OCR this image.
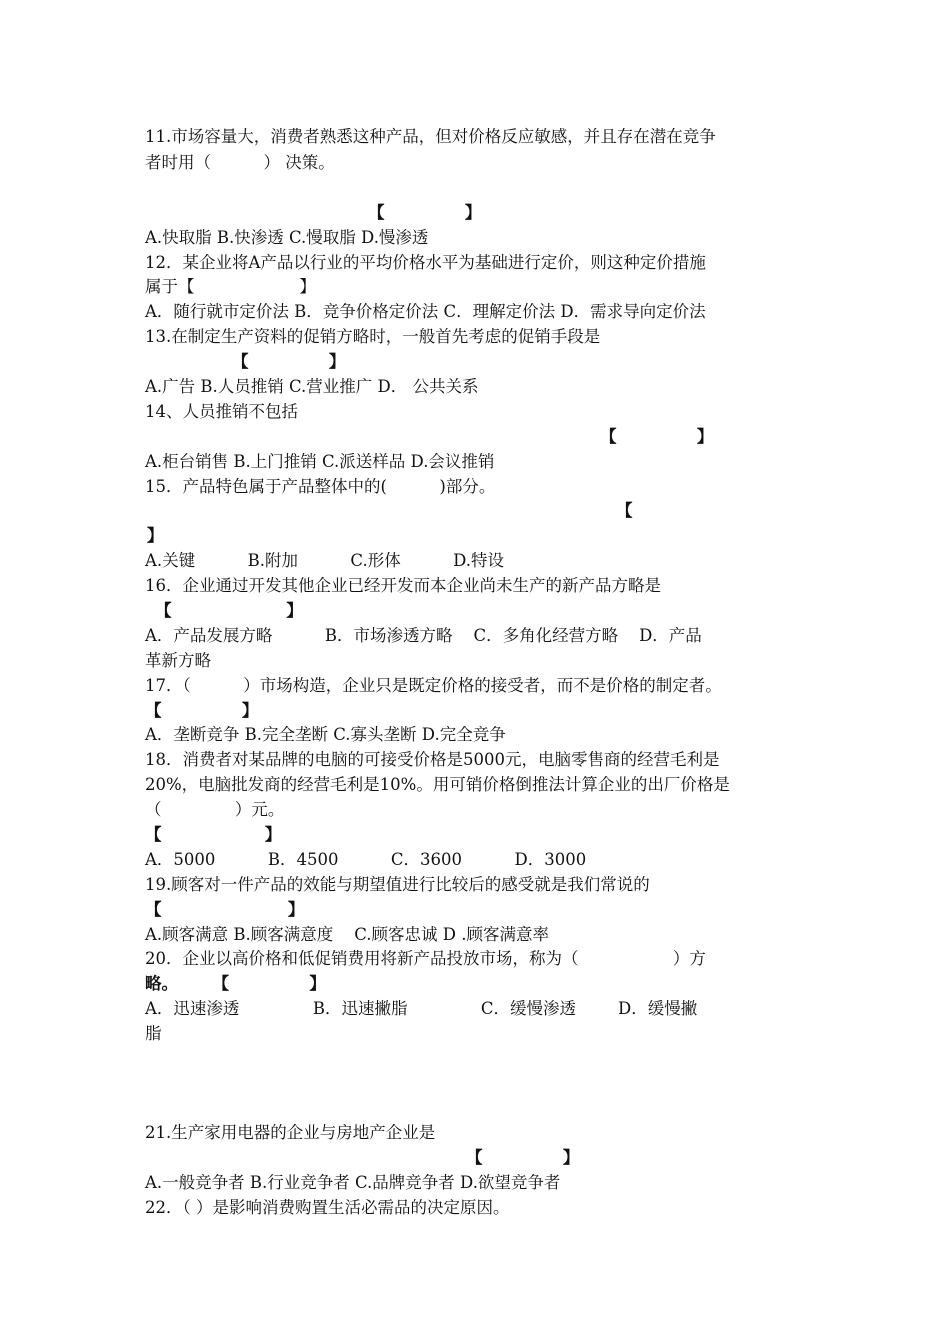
11.市场容量大，消费者熟悉这种产品，但对价格反应敏感，并且存在潜在竞争

者时用（          ） 决策。

【              】

A.快取脂 B.快渗透 C.慢取脂 D.慢渗透

12．某企业将A产品以行业的平均价格水平为基础进行定价，则这种定价措施

属于【                    】

A．随行就市定价法 B．竞争价格定价法 C．理解定价法 D．需求导向定价法

13.在制定生产资料的促销方略时，一般首先考虑的促销手段是

【              】

A.广告 B.人员推销 C.营业推广 D． 公共关系

14、人员推销不包括

【              】

A.柜台销售 B.上门推销 C.派送样品 D.会议推销

15．产品特色属于产品整体中的(          )部分。

【

】

A.关键          B.附加          C.形体          D.特设

16．企业通过开发其他企业已经开发而本企业尚未生产的新产品方略是

【                    】

A．产品发展方略          B．市场渗透方略    C．多角化经营方略    D．产品

革新方略

17．（          ）市场构造，企业只是既定价格的接受者，而不是价格的制定者。

【              】

A．垄断竞争 B.完全垄断 C.寡头垄断 D.完全竞争

18．消费者对某品牌的电脑的可接受价格是5000元，电脑零售商的经营毛利是

20%，电脑批发商的经营毛利是10%。用可销价格倒推法计算企业的出厂价格是

（              ）元。

【                  】

A．5000          B．4500          C．3600          D．3000

19.顾客对一件产品的效能与期望值进行比较后的感受就是我们常说的

【                      】

A.顾客满意 B.顾客满意度    C.顾客忠诚 D .顾客满意率

20．企业以高价格和低促销费用将新产品投放市场，称为（                  ）方

略。      【              】

A．迅速渗透              B．迅速撇脂              C．缓慢渗透        D．缓慢撇

脂

21.生产家用电器的企业与房地产企业是

【              】

A.一般竞争者 B.行业竞争者 C.品牌竞争者 D.欲望竞争者

22．（ ）是影响消费购置生活必需品的决定原因。
